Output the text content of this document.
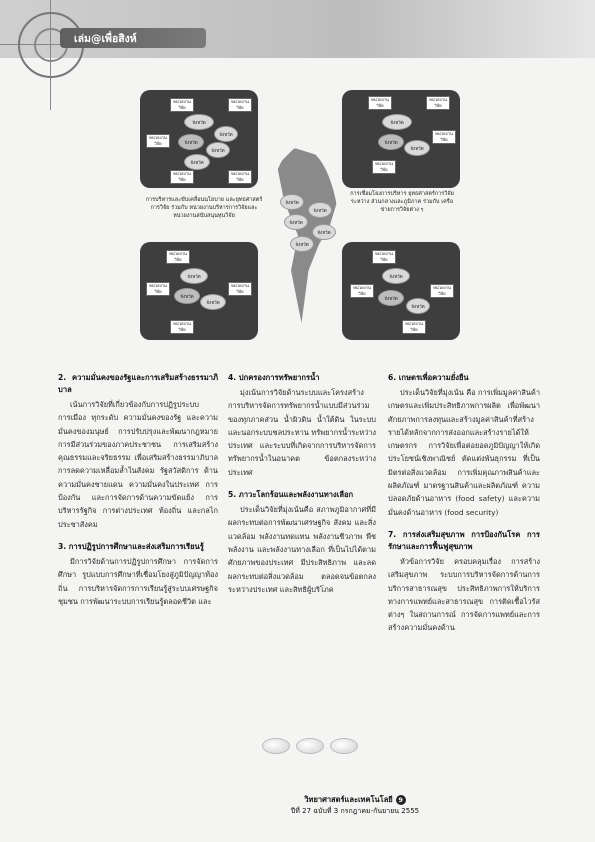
เล่ม@เพื่อสิงห์
หน่วยงาน วิจัย
หน่วยงาน วิจัย
หน่วยงาน วิจัย
หน่วยงาน วิจัย
หน่วยงาน วิจัย
จังหวัด
จังหวัด
จังหวัด
จังหวัด
จังหวัด
หน่วยงาน วิจัย
หน่วยงาน วิจัย
หน่วยงาน วิจัย
หน่วยงาน วิจัย
จังหวัด
จังหวัด
จังหวัด
การบริหารและขับเคลื่อนนโยบาย และยุทธศาสตร์การวิจัย ร่วมกับ หน่วยงานบริหารการวิจัยและ หน่วยงานสนับสนุนทุนวิจัย
การเชื่อมโยงการบริหาร ยุทธศาสตร์การวิจัยระหว่าง ส่วนกลางและภูมิภาค ร่วมกับ เครือข่ายการวิจัยต่าง ๆ
จังหวัด
จังหวัด
จังหวัด
จังหวัด
จังหวัด
หน่วยงาน วิจัย
หน่วยงาน วิจัย
หน่วยงาน วิจัย
หน่วยงาน วิจัย
จังหวัด
จังหวัด
จังหวัด
หน่วยงาน วิจัย
หน่วยงาน วิจัย
หน่วยงาน วิจัย
หน่วยงาน วิจัย
จังหวัด
จังหวัด
จังหวัด
2. ความมั่นคงของรัฐและการเสริมสร้างธรรมาภิบาล

เน้นการวิจัยที่เกี่ยวข้องกับการปฏิรูประบบการเมือง ทุกระดับ ความมั่นคงของรัฐ และความมั่นคงของมนุษย์ การปรับปรุงและพัฒนากฎหมาย การมีส่วนร่วมของภาคประชาชน การเสริมสร้างคุณธรรมและจริยธรรม เพื่อเสริมสร้างธรรมาภิบาล การลดความเหลื่อมล้ำในสังคม รัฐสวัสดิการ ด้านความมั่นคงชายแดน ความมั่นคงในประเทศ การป้องกัน และการจัดการด้านความขัดแย้ง การบริหารรัฐกิจ การต่างประเทศ ท้องถิ่น และกลไกประชาสังคม

3. การปฏิรูปการศึกษาและส่งเสริมการเรียนรู้

มีการวิจัยด้านการปฏิรูปการศึกษา การจัดการศึกษา รูปแบบการศึกษาที่เชื่อมโยงสู่ภูมิปัญญาท้องถิ่น การบริหารจัดการการเรียนรู้สู่ระบบเศรษฐกิจชุมชน การพัฒนาระบบการเรียนรู้ตลอดชีวิต และ

4. ปกครองการทรัพยากรน้ำ

มุ่งเน้นการวิจัยด้านระบบและโครงสร้างการบริหารจัดการทรัพยากรน้ำแบบมีส่วนร่วมของทุกภาคส่วน น้ำผิวดิน น้ำใต้ดิน ในระบบและนอกระบบชลประทาน ทรัพยากรน้ำระหว่างประเทศ และระบบที่เกิดจากการบริหารจัดการทรัพยากรน้ำในอนาคต ข้อตกลงระหว่างประเทศ

5. ภาวะโลกร้อนและพลังงานทางเลือก

ประเด็นวิจัยที่มุ่งเน้นคือ สภาพภูมิอากาศที่มีผลกระทบต่อการพัฒนาเศรษฐกิจ สังคม และสิ่งแวดล้อม พลังงานทดแทน พลังงานชีวภาพ พืชพลังงาน และพลังงานทางเลือก ที่เป็นไปได้ตามศักยภาพของประเทศ มีประสิทธิภาพ และลดผลกระทบต่อสิ่งแวดล้อม ตลอดจนข้อตกลงระหว่างประเทศ และสิทธิผู้บริโภค

6. เกษตรเพื่อความยั่งยืน

ประเด็นวิจัยที่มุ่งเน้น คือ การเพิ่มมูลค่าสินค้าเกษตรและเพิ่มประสิทธิภาพการผลิต เพื่อพัฒนาศักยภาพการลงทุนและสร้างมูลค่าสินค้าที่สร้างรายได้หลักจากการส่งออกและสร้างรายได้ให้เกษตรกร การวิจัยเพื่อต่อยอดภูมิปัญญาให้เกิดประโยชน์เชิงพาณิชย์ ตัดแต่งพันธุกรรม ที่เป็นมิตรต่อสิ่งแวดล้อม การเพิ่มคุณภาพสินค้าและผลิตภัณฑ์ มาตรฐานสินค้าและผลิตภัณฑ์ ความปลอดภัยด้านอาหาร (food safety) และความมั่นคงด้านอาหาร (food security)

7. การส่งเสริมสุขภาพ การป้องกันโรค การรักษาและการฟื้นฟูสุขภาพ

หัวข้อการวิจัย ครอบคลุมเรื่อง การสร้างเสริมสุขภาพ ระบบการบริหารจัดการด้านการบริการสาธารณสุข ประสิทธิภาพการให้บริการทางการแพทย์และสาธารณสุข การติดเชื้อไวรัสต่างๆ ในสถานการณ์ การจัดการแพทย์และการสร้างความมั่นคงด้าน

วิทยาศาสตร์และเทคโนโลยี 9
ปีที่ 27 ฉบับที่ 3 กรกฎาคม-กันยายน 2555
